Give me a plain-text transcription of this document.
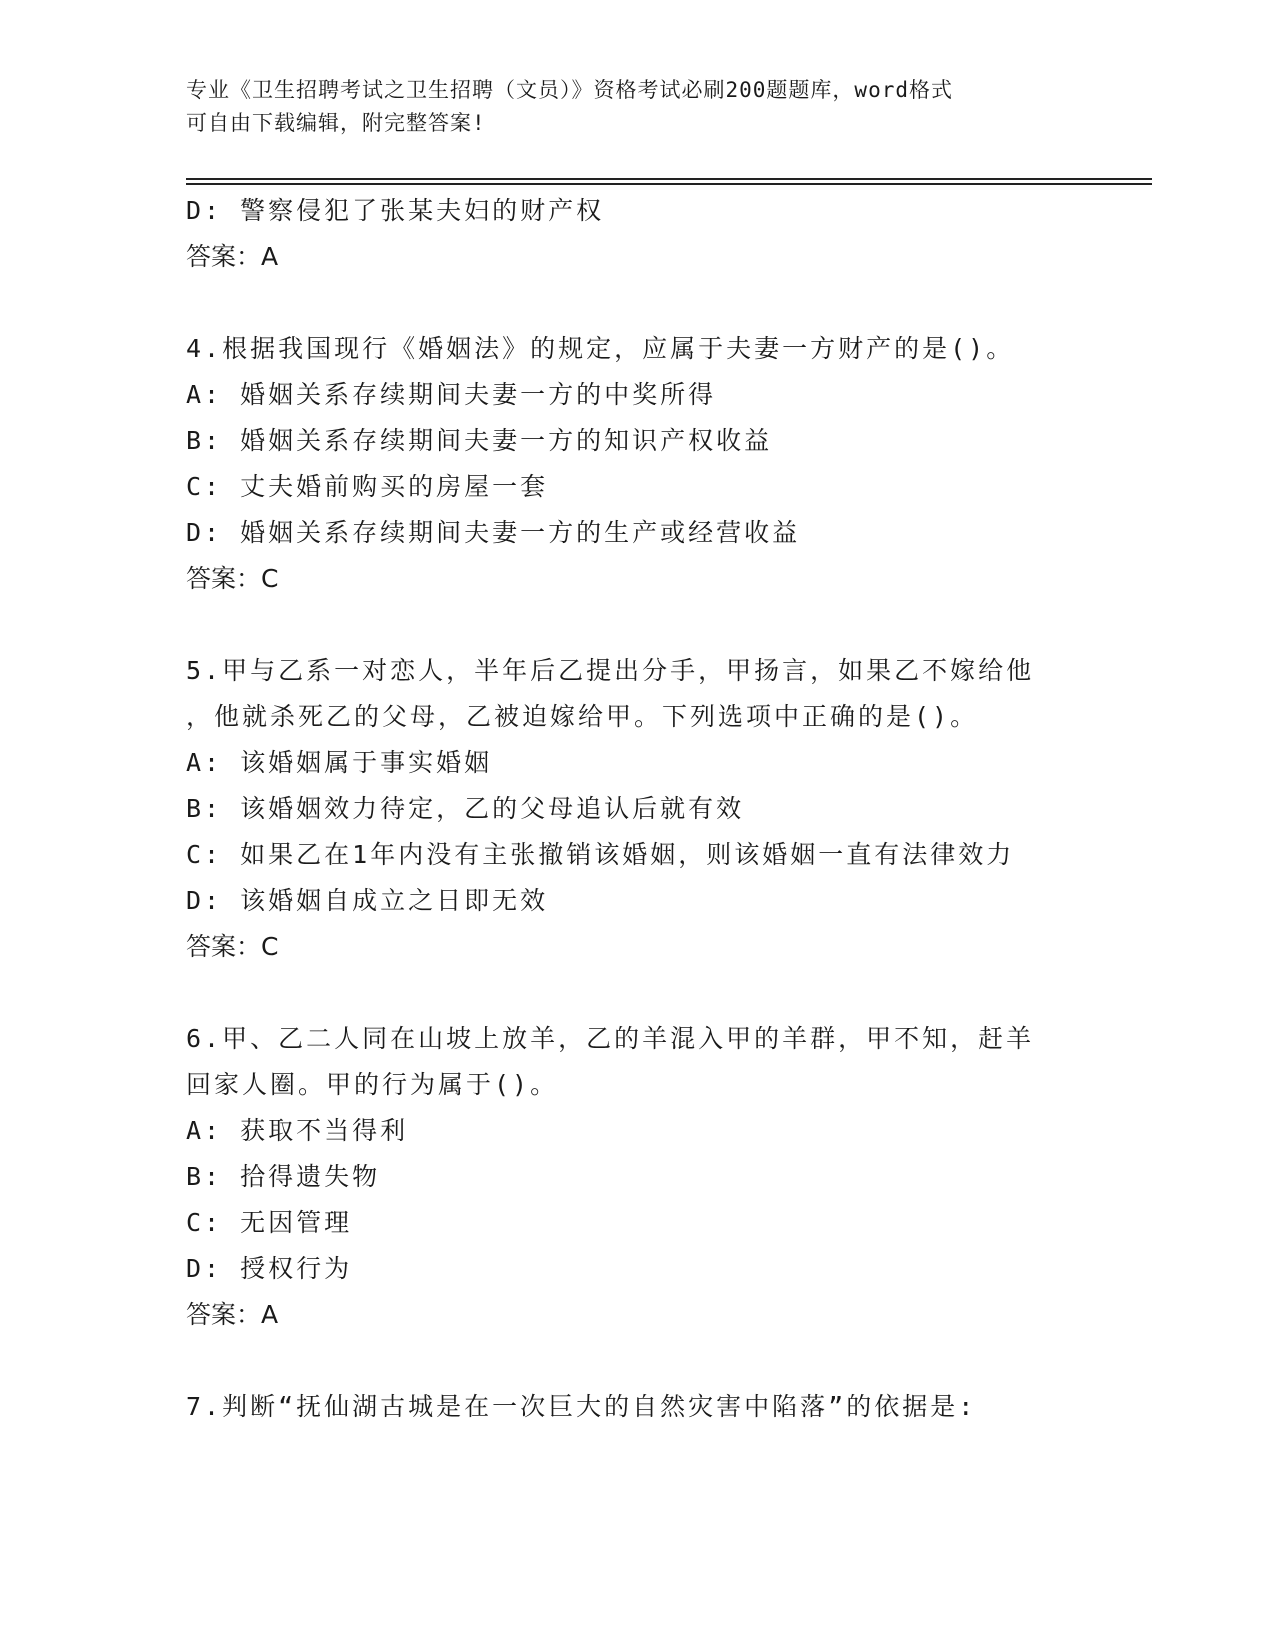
专业《卫生招聘考试之卫生招聘（文员）》资格考试必刷200题题库，word格式
可自由下载编辑，附完整答案!
D: 警察侵犯了张某夫妇的财产权
答案：A
4.根据我国现行《婚姻法》的规定，应属于夫妻一方财产的是()。
A: 婚姻关系存续期间夫妻一方的中奖所得
B: 婚姻关系存续期间夫妻一方的知识产权收益
C: 丈夫婚前购买的房屋一套
D: 婚姻关系存续期间夫妻一方的生产或经营收益
答案：C
5.甲与乙系一对恋人，半年后乙提出分手，甲扬言，如果乙不嫁给他
，他就杀死乙的父母，乙被迫嫁给甲。下列选项中正确的是()。
A: 该婚姻属于事实婚姻
B: 该婚姻效力待定，乙的父母追认后就有效
C: 如果乙在1年内没有主张撤销该婚姻，则该婚姻一直有法律效力
D: 该婚姻自成立之日即无效
答案：C
6.甲、乙二人同在山坡上放羊，乙的羊混入甲的羊群，甲不知，赶羊
回家人圈。甲的行为属于()。
A: 获取不当得利
B: 拾得遗失物
C: 无因管理
D: 授权行为
答案：A
7.判断“抚仙湖古城是在一次巨大的自然灾害中陷落”的依据是:
